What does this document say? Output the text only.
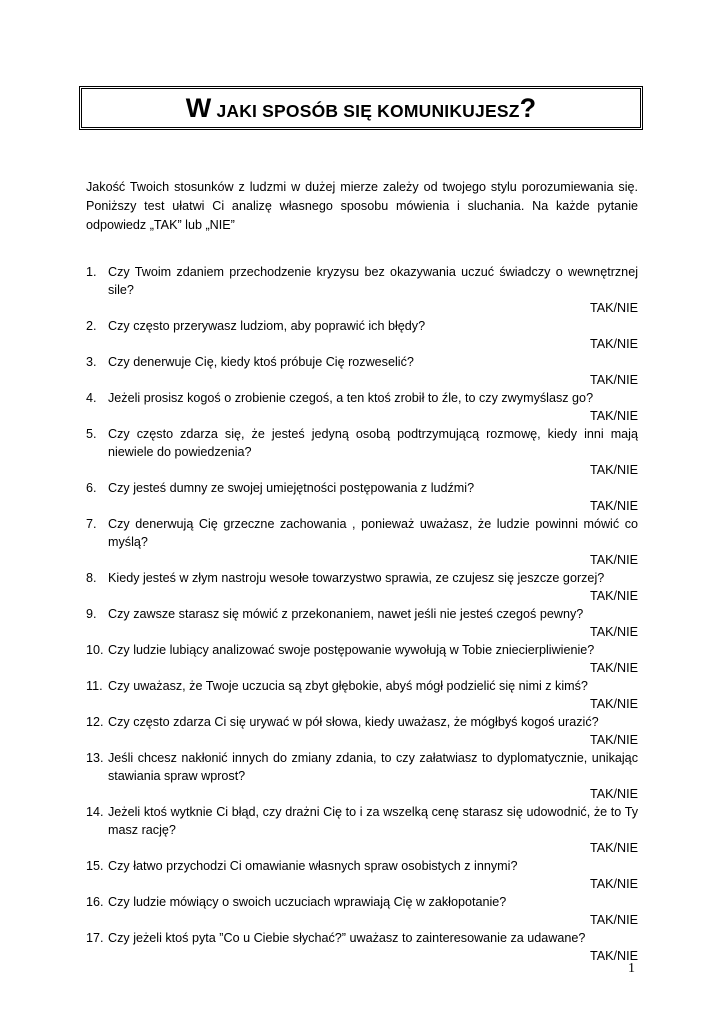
W JAKI SPOSÓB SIĘ KOMUNIKUJESZ?

Jakość Twoich stosunków z ludzmi w dużej mierze zależy od twojego stylu porozumiewania się. Poniższy test ułatwi Ci analizę własnego sposobu mówienia i sluchania. Na każde pytanie odpowiedz „TAK” lub „NIE”

1. Czy Twoim zdaniem przechodzenie kryzysu bez okazywania uczuć świadczy o wewnętrznej sile?
TAK/NIE
2. Czy często przerywasz ludziom, aby poprawić ich błędy?
TAK/NIE
3. Czy denerwuje Cię, kiedy ktoś próbuje Cię rozweselić?
TAK/NIE
4. Jeżeli prosisz kogoś o zrobienie czegoś, a ten ktoś zrobił to źle, to czy zwymyślasz go?
TAK/NIE
5. Czy często zdarza się, że jesteś jedyną osobą podtrzymującą rozmowę, kiedy inni mają niewiele do powiedzenia?
TAK/NIE
6. Czy jesteś dumny ze swojej umiejętności postępowania z ludźmi?
TAK/NIE
7. Czy denerwują Cię grzeczne zachowania , ponieważ uważasz, że ludzie powinni mówić co myślą?
TAK/NIE
8. Kiedy jesteś w złym nastroju wesołe towarzystwo sprawia, ze czujesz się jeszcze gorzej?
TAK/NIE
9. Czy zawsze starasz się mówić z przekonaniem, nawet jeśli nie jesteś czegoś pewny?
TAK/NIE
10. Czy ludzie lubiący analizować swoje postępowanie wywołują w Tobie zniecierpliwienie?
TAK/NIE
11. Czy uważasz, że Twoje uczucia są zbyt głębokie, abyś mógł podzielić się nimi z kimś?
TAK/NIE
12. Czy często zdarza Ci się urywać w pół słowa, kiedy uważasz, że mógłbyś kogoś urazić?
TAK/NIE
13. Jeśli chcesz nakłonić innych do zmiany zdania, to czy załatwiasz to dyplomatycznie, unikając stawiania spraw wprost?
TAK/NIE
14. Jeżeli ktoś wytknie Ci błąd, czy drażni Cię to i za wszelką cenę starasz się udowodnić, że to Ty masz rację?
TAK/NIE
15. Czy łatwo przychodzi Ci omawianie własnych spraw osobistych z innymi?
TAK/NIE
16. Czy ludzie mówiący o swoich uczuciach wprawiają Cię w zakłopotanie?
TAK/NIE
17. Czy jeżeli ktoś pyta ”Co u Ciebie słychać?” uważasz to zainteresowanie za udawane?
TAK/NIE
1
